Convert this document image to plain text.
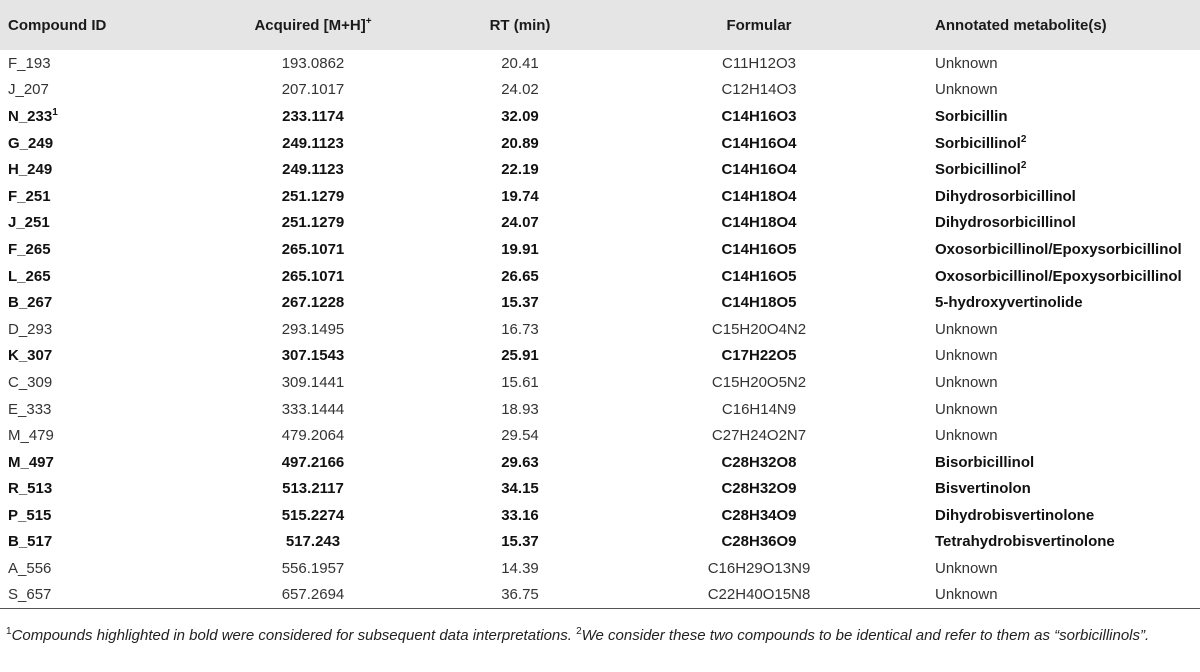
Compound ID	Acquired [M+H]+	RT (min)	Formular	Annotated metabolite(s)
F_193	193.0862	20.41	C11H12O3	Unknown
J_207	207.1017	24.02	C12H14O3	Unknown
$N\_233^1$	233.1174	32.09	C14H16O3	Sorbicillin
G_249	249.1123	20.89	C14H16O4	Sorbicillinol$^2$
H_249	249.1123	22.19	C14H16O4	Sorbicillinol$^2$
F_251	251.1279	19.74	C14H18O4	Dihydrosorbicillinol
J_251	251.1279	24.07	C14H18O4	Dihydrosorbicillinol
F_265	265.1071	19.91	C14H16O5	Oxosorbicillinol/Epoxysorbicillinol
L_265	265.1071	26.65	C14H16O5	Oxosorbicillinol/Epoxysorbicillinol
B_267	267.1228	15.37	C14H18O5	5-hydroxyvertinolide
D_293	293.1495	16.73	C15H20O4N2	Unknown
K_307	307.1543	25.91	C17H22O5	Unknown
C_309	309.1441	15.61	C15H20O5N2	Unknown
E_333	333.1444	18.93	C16H14N9	Unknown
M_479	479.2064	29.54	C27H24O2N7	Unknown
M_497	497.2166	29.63	C28H32O8	Bisorbicillinol
R_513	513.2117	34.15	C28H32O9	Bisvertinolon
P_515	515.2274	33.16	C28H34O9	Dihydrobisvertinolone
B_517	517.243	15.37	C28H36O9	Tetrahydrobisvertinolone
A_556	556.1957	14.39	C16H29O13N9	Unknown
S_657	657.2694	36.75	C22H40O15N8	Unknown
$^1$Compounds highlighted in bold were considered for subsequent data interpretations. $^2$We consider these two compounds to be identical and refer to them as “sorbicillinols”.
